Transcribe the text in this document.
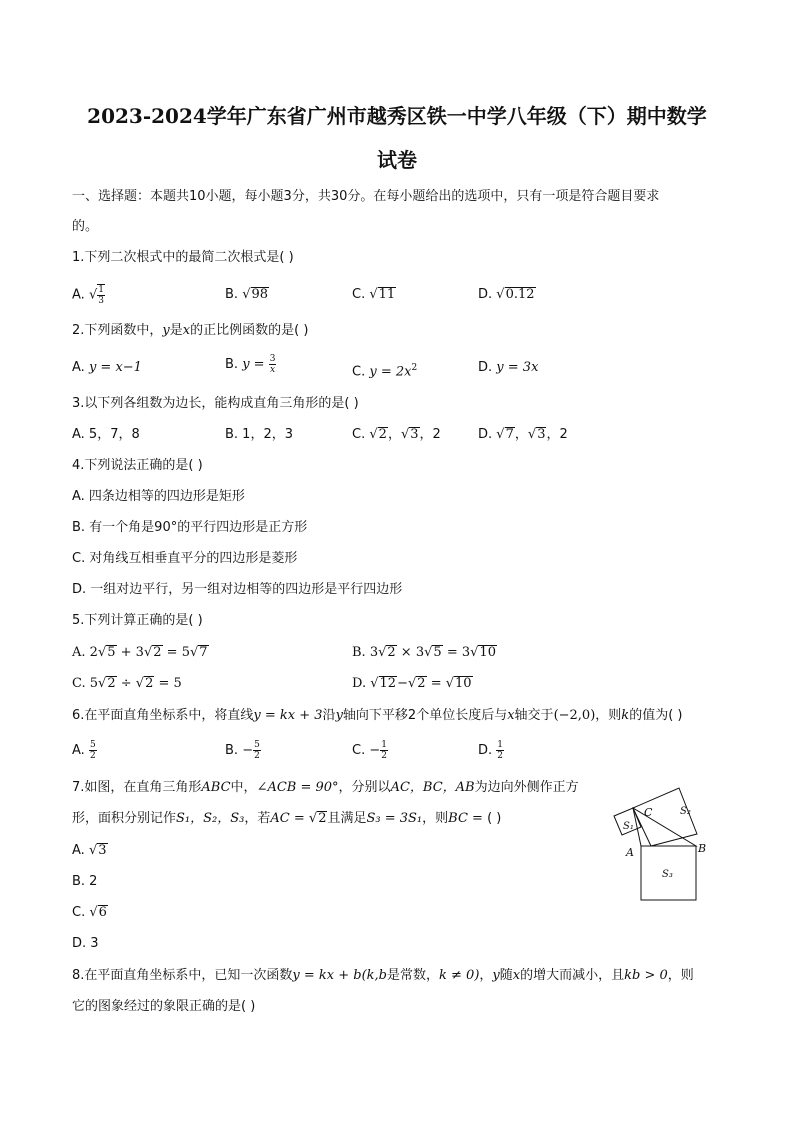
2023-2024学年广东省广州市越秀区铁一中学八年级（下）期中数学
试卷
一、选择题：本题共10小题，每小题3分，共30分。在每小题给出的选项中，只有一项是符合题目要求
的。
1.下列二次根式中的最简二次根式是( )
A. √ $\frac{1}{3}$	B. √98	C. √11	D. √0.12
2.下列函数中，y是x的正比例函数的是( )
A. y = x−1	B. $y = \frac{3}{x}$	C. $y = 2x^2$	D. y = 3x
3.以下列各组数为边长，能构成直角三角形的是( )
A. 5，7，8	B. 1，2，3	C. √2，√3，2	D. √7，√3，2
4.下列说法正确的是( )
A. 四条边相等的四边形是矩形
B. 有一个角是90°的平行四边形是正方形
C. 对角线互相垂直平分的四边形是菱形
D. 一组对边平行，另一组对边相等的四边形是平行四边形
5.下列计算正确的是( )
A. 2√5 + 3√2 = 5√7	B. 3√2 × 3√5 = 3√10
C. 5√2 ÷ √2 = 5	D. √12−√2 = √10
6.在平面直角坐标系中，将直线y = kx + 3沿y轴向下平移2个单位长度后与x轴交于(−2,0)，则k的值为( )
A. $\frac{5}{2}$	B. − $\frac{5}{2}$	C. − $\frac{1}{2}$	D. $\frac{1}{2}$
7.如图，在直角三角形ABC中，∠ACB = 90°，分别以AC，BC，AB为边向外侧作正方
形，面积分别记作S₁，S₂，S₃，若AC = √2且满足S₃ = 3S₁，则BC = ( )
A. √3
B. 2
C. √6
D. 3
C
A	B
S₁
S₂
S₃
8.在平面直角坐标系中，已知一次函数y = kx + b(k,b是常数，k ≠ 0)，y随x的增大而减小，且kb > 0，则
它的图象经过的象限正确的是( )
